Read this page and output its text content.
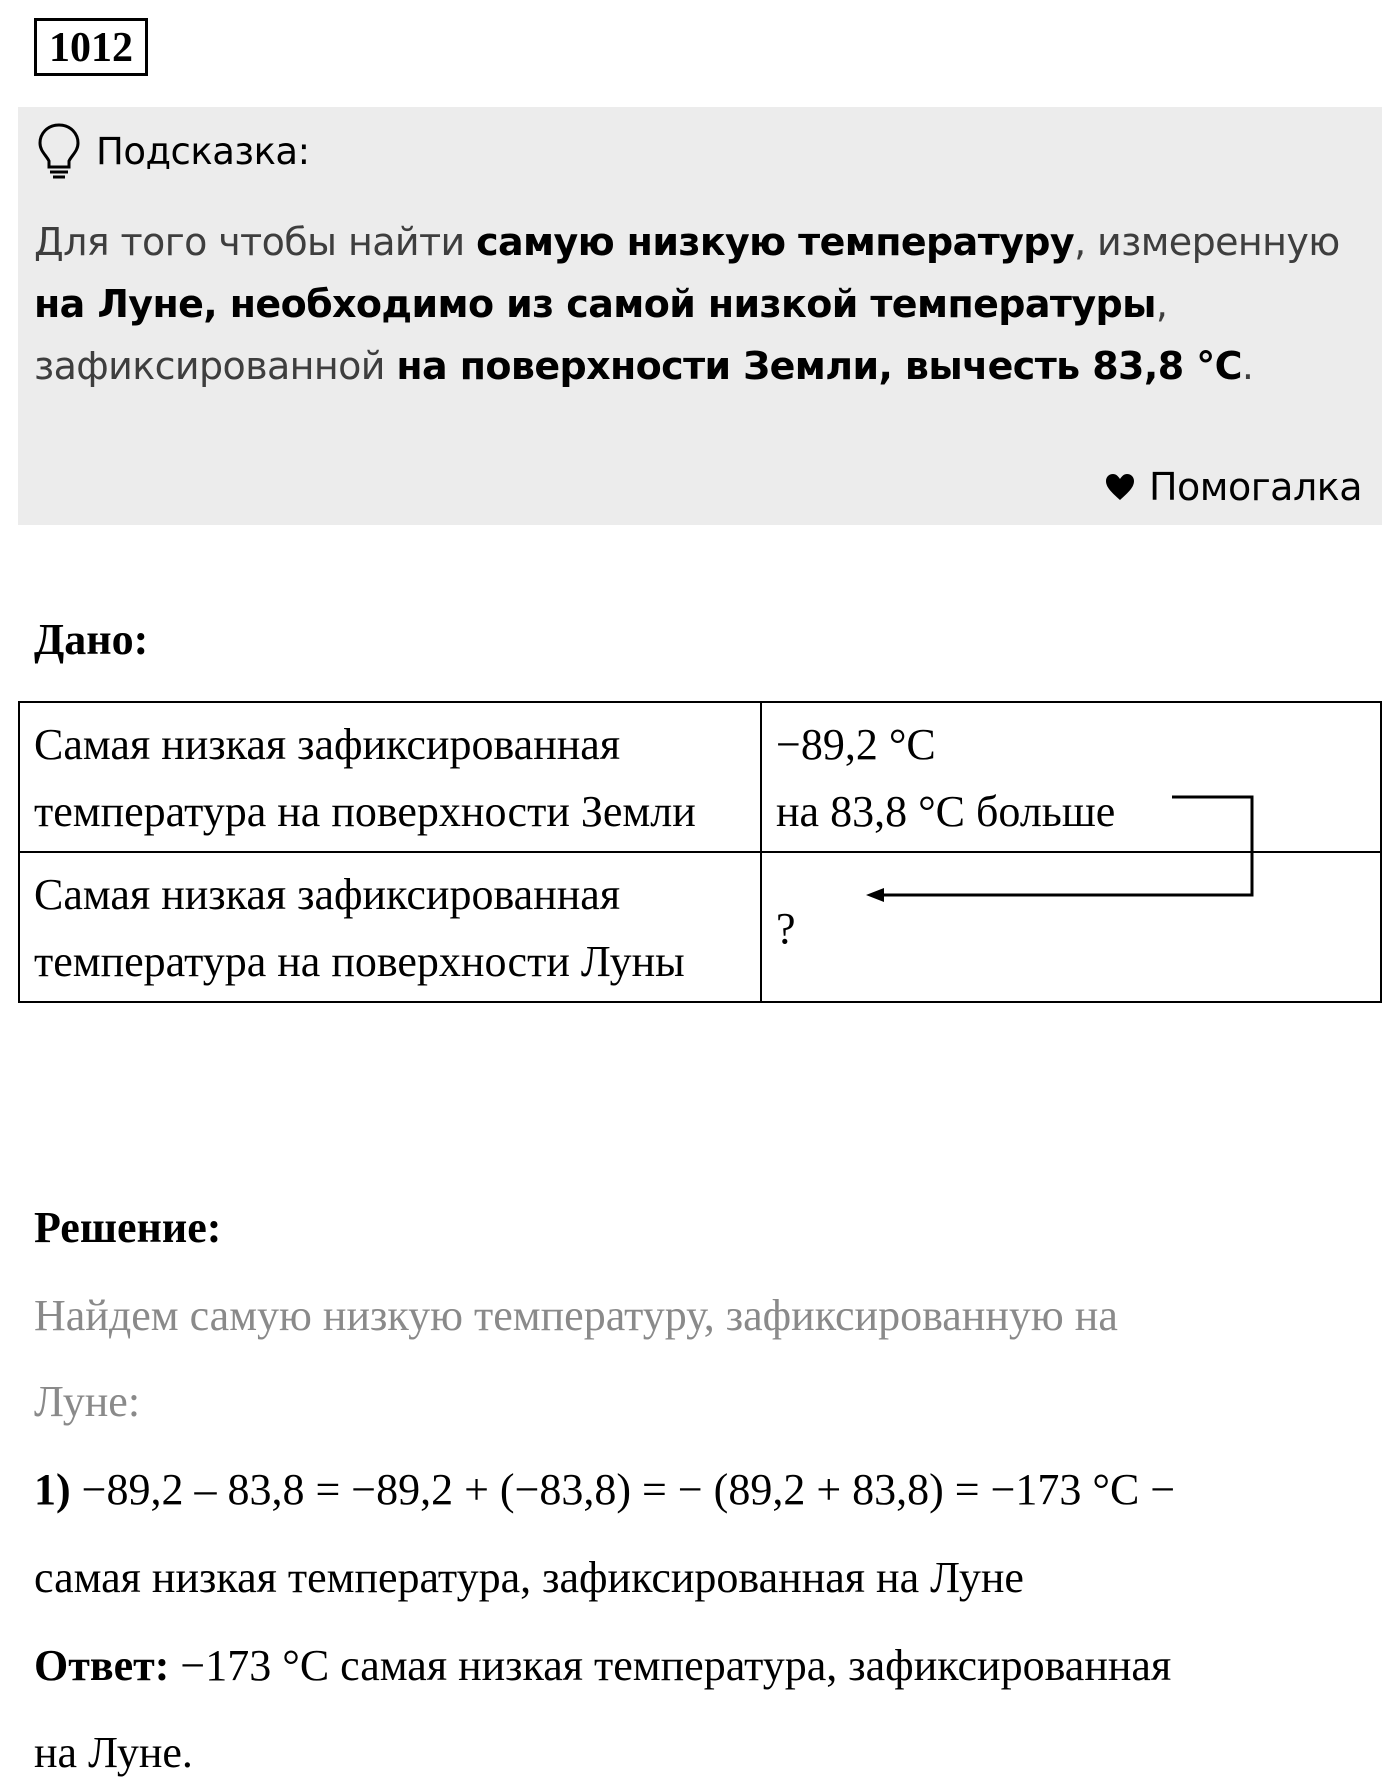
1012
Подсказка:
Для того чтобы найти самую низкую температуру, измеренную на Луне, необходимо из самой низкой температуры, зафиксированной на поверхности Земли, вычесть 83,8 °С.
Помогалка
Дано:
Самая низкая зафиксированная температура на поверхности Земли	−89,2 °С
на 83,8 °С больше

Самая низкая зафиксированная температура на поверхности Луны	?
Решение:
Найдем самую низкую температуру, зафиксированную на
Луне:
1) −89,2 – 83,8 = −89,2 + (−83,8) = − (89,2 + 83,8) = −173 °С −
самая низкая температура, зафиксированная на Луне
Ответ: −173 °С самая низкая температура, зафиксированная
на Луне.
